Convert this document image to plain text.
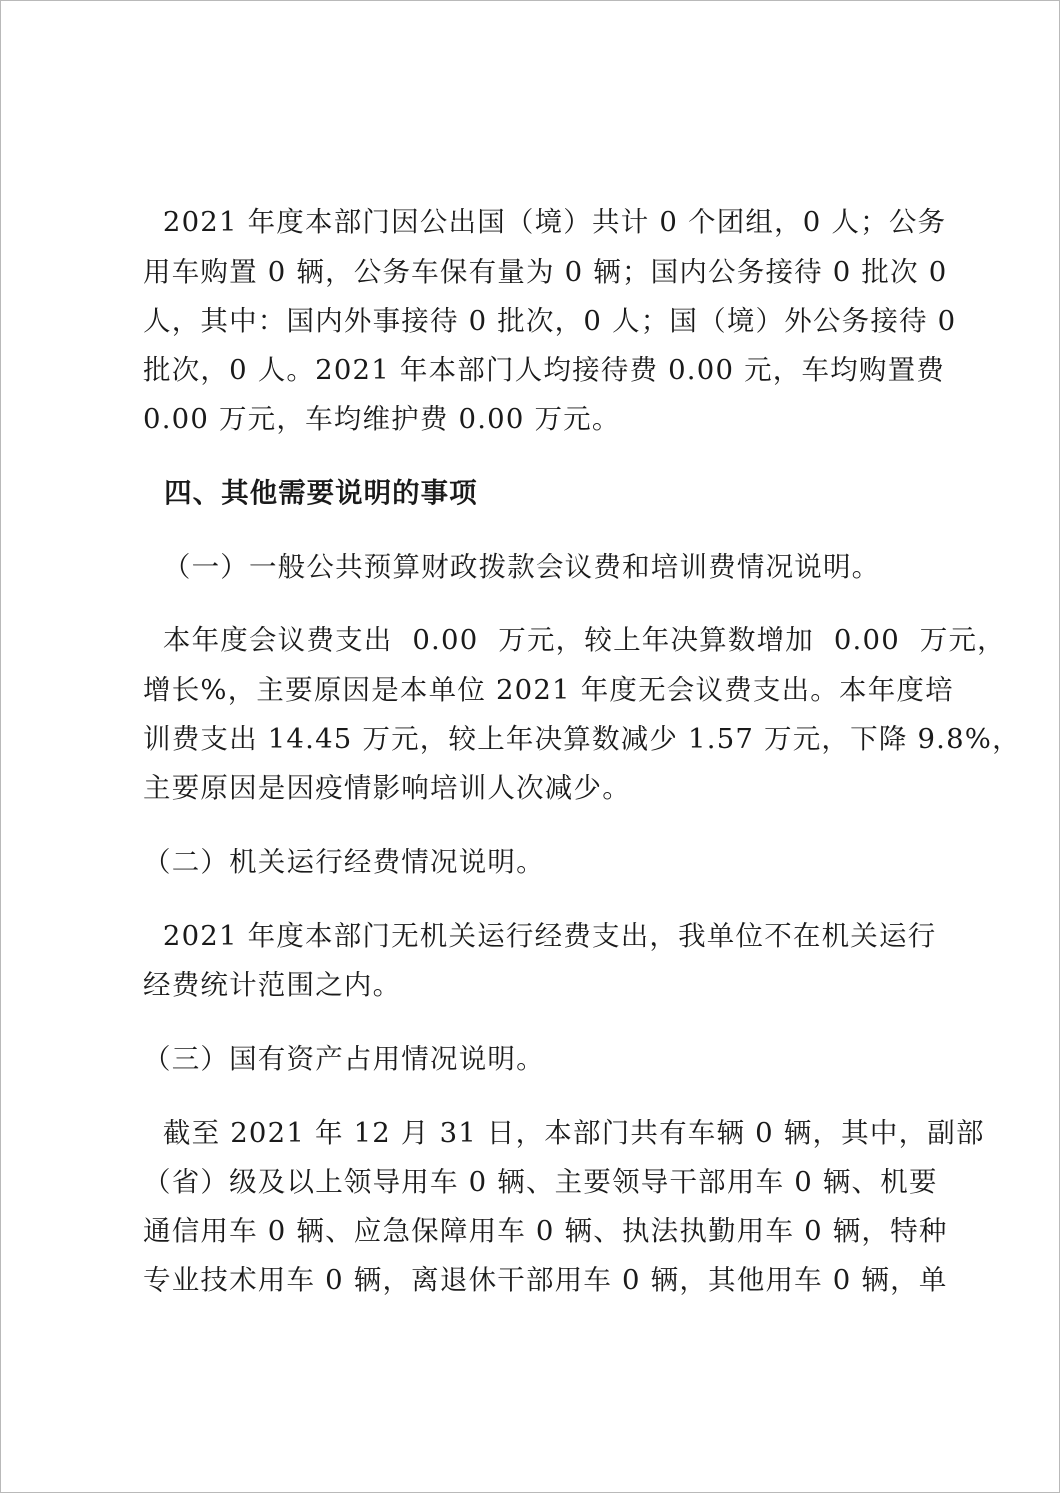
2021 年度本部门因公出国（境）共计 0 个团组，0 人；公务
用车购置 0 辆，公务车保有量为 0 辆；国内公务接待 0 批次 0
人，其中：国内外事接待 0 批次，0 人；国（境）外公务接待 0
批次，0 人。2021 年本部门人均接待费 0.00 元，车均购置费
0.00 万元，车均维护费 0.00 万元。
四、其他需要说明的事项
（一）一般公共预算财政拨款会议费和培训费情况说明。
本年度会议费支出  0.00  万元，较上年决算数增加  0.00  万元，
增长%，主要原因是本单位 2021 年度无会议费支出。本年度培
训费支出 14.45 万元，较上年决算数减少 1.57 万元，下降 9.8%，
主要原因是因疫情影响培训人次减少。
（二）机关运行经费情况说明。
2021 年度本部门无机关运行经费支出，我单位不在机关运行
经费统计范围之内。
（三）国有资产占用情况说明。
截至 2021 年 12 月 31 日，本部门共有车辆 0 辆，其中，副部
（省）级及以上领导用车 0 辆、主要领导干部用车 0 辆、机要
通信用车 0 辆、应急保障用车 0 辆、执法执勤用车 0 辆，特种
专业技术用车 0 辆，离退休干部用车 0 辆，其他用车 0 辆，单
